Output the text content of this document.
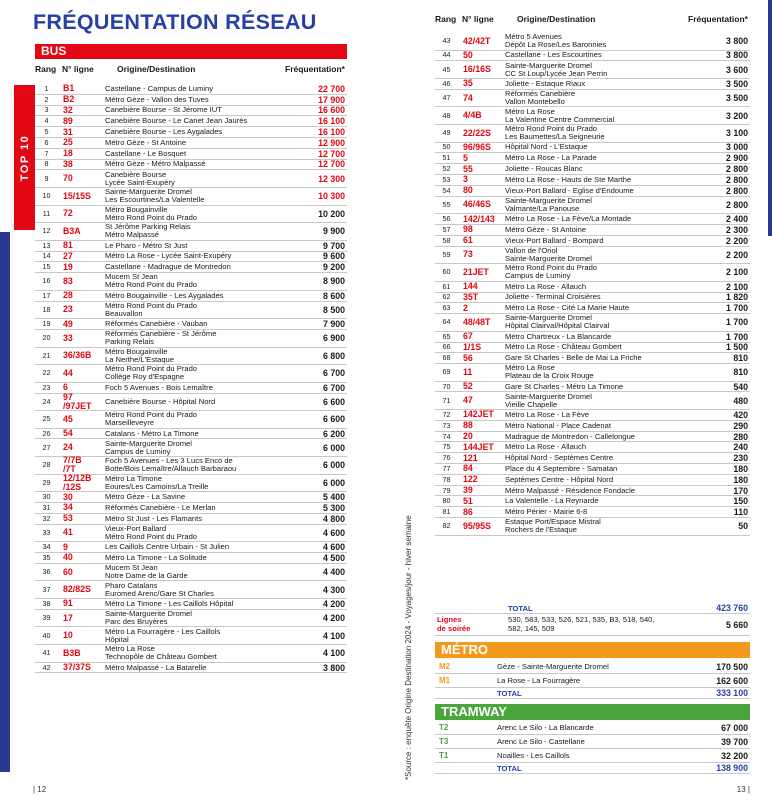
FRÉQUENTATION RÉSEAU
BUS
TOP 10
Rang N° ligne	Origine/Destination	Fréquentation*
1	B1	Castellane - Campus de Luminy	22 700
2	B2	Métro Gèze - Vallon des Tuves	17 900
3	32	Canebière Bourse - St Jérome IUT	16 600
4	89	Canebière Bourse - Le Canet Jean Jaurès	16 100
5	31	Canebière Bourse - Les Aygalades	16 100
6	25	Métro Gèze - St Antoine	12 900
7	18	Castellane - Le Bosquet	12 700
8	38	Métro Gèze - Métro Malpassé	12 700
9	70	Canebière Bourse
Lycée Saint-Exupéry	12 300
10	15/15S	Sainte-Marguerite Dromel
Les Escourtines/La Valentelle	10 300
11	72	Métro Bougainville
Métro Rond Point du Prado	10 200
12	B3A	St Jérôme Parking Relais
Métro Malpassé	9 900
13	81	Le Pharo - Métro St Just	9 700
14	27	Métro La Rose - Lycée Saint-Exupéry	9 600
15	19	Castellane - Madrague de Montredon	9 200
16	83	Mucem St Jean
Métro Rond Point du Prado	8 900
17	28	Métro Bougainville - Les Aygalades	8 600
18	23	Métro Rond Point du Prado
Beauvallon	8 500
19	49	Réformés Canebière - Vauban	7 900
20	33	Réformés Canebière - St Jérôme
Parking Relais	6 900
21	36/36B	Métro Bougainville
La Nerthe/L'Estaque	6 800
22	44	Métro Rond Point du Prado
Collège Roy d'Espagne	6 700
23	6	Foch 5 Avenues - Bois Lemaître	6 700
24	97
/97JET	Canebière Bourse - Hôpital Nord	6 600
25	45	Métro Rond Point du Prado
Marseilleveyre	6 600
26	54	Catalans - Métro La Timone	6 200
27	24	Sainte-Marguerite Dromel
Campus de Luminy	6 000
28	7/7B
/7T
Foch 5 Avenues - Les 3 Lucs Enco de
Botte/Bois Lemaître/Allauch Barbaraou	6 000
29	12/12B
/12S
Métro La Timone
Eoures/Les Camoins/La Treille	6 000
30	30	Métro Gèze - La Savine	5 400
31	34	Réformés Canebière - Le Merlan	5 300
32	53	Métro St Just - Les Flamants	4 800
33	41	Vieux-Port Ballard
Métro Rond Point du Prado	4 600
34	9	Les Caillols Centre Urbain - St Julien	4 600
35	40	Métro La Timone - La Solitude	4 500
36	60	Mucem St Jean
Notre Dame de la Garde	4 400
37	82/82S	Pharo Catalans
Euromed Arenc/Gare St Charles	4 300
38	91	Métro La Timone - Les Caillols Hôpital	4 200
39	17	Sainte-Marguerite Dromel
Parc des Bruyères	4 200
40	10	Métro La Fourragère - Les Caillols
Hôpital	4 100
41	B3B	Métro La Rose
Technopôle de Château Gombert	4 100
42	37/37S	Métro Malpassé - La Batarelle	3 800
Rang N° ligne	Origine/Destination	Fréquentation*
43	42/42T	Métro 5 Avenues
Dépôt La Rose/Les Baronnies	3 800
44	50	Castellane - Les Escourtines	3 800
45	16/16S	Sainte-Marguerite Dromel
CC St Loup/Lycée Jean Perrin	3 600
46	35	Joliette - Estaque Riaux	3 500
47	74	Réformés Canebière
Vallon Montebello	3 500
48	4/4B	Métro La Rose
La Valentine Centre Commercial	3 200
49	22/22S	Métro Rond Point du Prado
Les Baumettes/La Seigneurie	3 100
50	96/96S	Hôpital Nord - L'Estaque	3 000
51	5	Métro La Rose - La Parade	2 900
52	55	Joliette - Roucas Blanc	2 800
53	3	Métro La Rose - Hauts de Ste Marthe	2 800
54	80	Vieux-Port Ballard - Eglise d'Endoume	2 800
55	46/46S	Sainte-Marguerite Dromel
Valmante/La Panouse	2 800
56	142/143	Métro La Rose - La Fève/La Montade	2 400
57	98	Métro Gèze - St Antoine	2 300
58	61	Vieux-Port Ballard - Bompard	2 200
59	73	Vallon de l'Oriol
Sainte-Marguerite Dromel	2 200
60	21JET	Métro Rond Point du Prado
Campus de Luminy	2 100
61	144	Métro La Rose - Allauch	2 100
62	35T	Joliette - Terminal Croisières	1 820
63	2	Métro La Rose - Cité La Marie Haute	1 700
64	48/48T	Sainte-Marguerite Dromel
Hôpital Clairval/Hôpital Clairval	1 700
65	67	Métro Chartreux - La Blancarde	1 700
66	1/1S	Métro La Rose - Château Gombert	1 500
68	56	Gare St Charles - Belle de Mai La Friche	810
69	11	Métro La Rose
Plateau de la Croix Rouge	810
70	52	Gare St Charles - Métro La Timone	540
71	47	Sainte-Marguerite Dromel
Vieille Chapelle	480
72	142JET	Métro La Rose - La Fève	420
73	88	Métro National - Place Cadenat	290
74	20	Madrague de Montredon - Callelongue	280
75	144JET	Métro La Rose - Allauch	240
76	121	Hôpital Nord - Septèmes Centre	230
77	84	Place du 4 Septembre - Samatan	180
78	122	Septèmes Centre - Hôpital Nord	180
79	39	Métro Malpassé - Résidence Fondacle	170
80	51	La Valentelle - La Reynarde	150
81	86	Métro Périer - Mairie 6-8	110
82	95/95S	Estaque Port/Espace Mistral
Rochers de l'Estaque	50
TOTAL	423 760
Lignes
de soirée
530, 583, 533, 526, 521, 535, B3, 518, 540,
582, 145, 509	5 660
MÉTRO
M2	Gèze - Sainte-Marguerite Dromel	170 500
M1	La Rose - La Fourragère	162 600
TOTAL	333 100
TRAMWAY
T2	Arenc Le Silo - La Blancarde	67 000
T3	Arenc Le Silo - Castellane	39 700
T1	Noailles - Les Caillols	32 200
TOTAL	138 900
*Source : enquête Origine Destination 2024 - Voyages/jour - hiver semaine
| 12	13 |
